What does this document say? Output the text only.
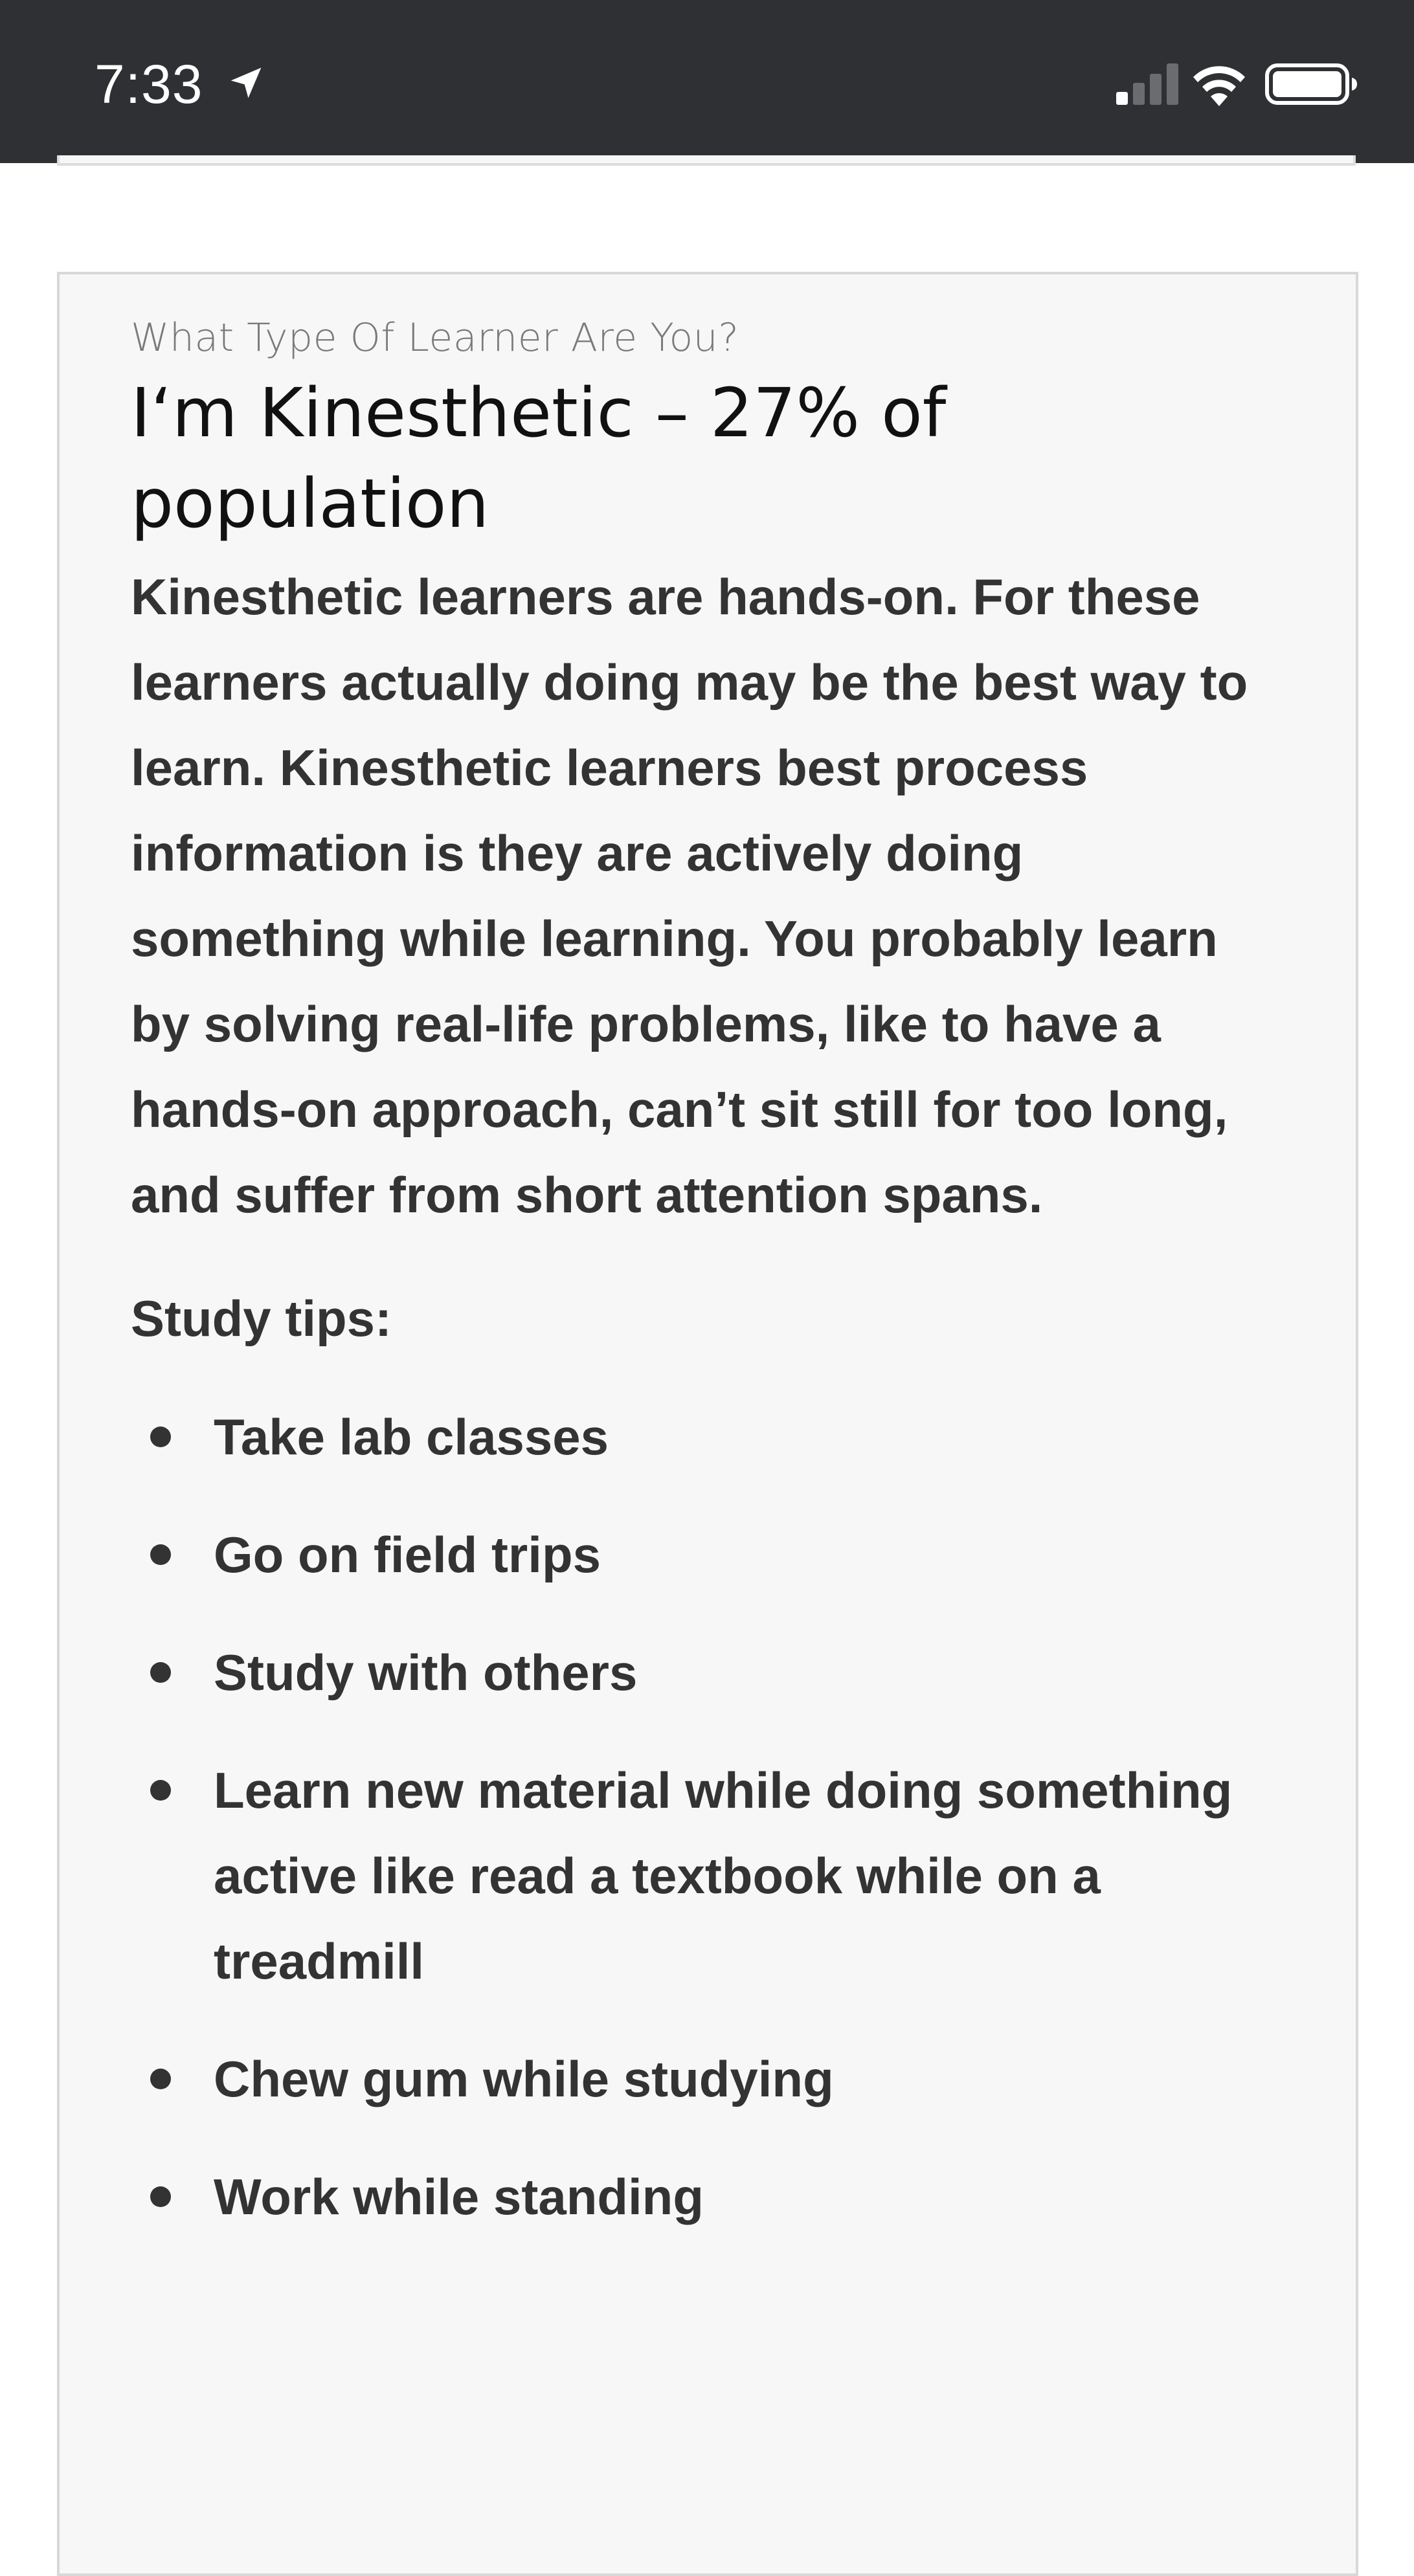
7:33

What Type Of Learner Are You?

I‘m Kinesthetic – 27% of population

Kinesthetic learners are hands-on. For these learners actually doing may be the best way to learn. Kinesthetic learners best process information is they are actively doing something while learning. You probably learn by solving real-life problems, like to have a hands-on approach, can’t sit still for too long, and suffer from short attention spans.

Study tips:

Take lab classes
Go on field trips
Study with others
Learn new material while doing something active like read a textbook while on a treadmill
Chew gum while studying
Work while standing
